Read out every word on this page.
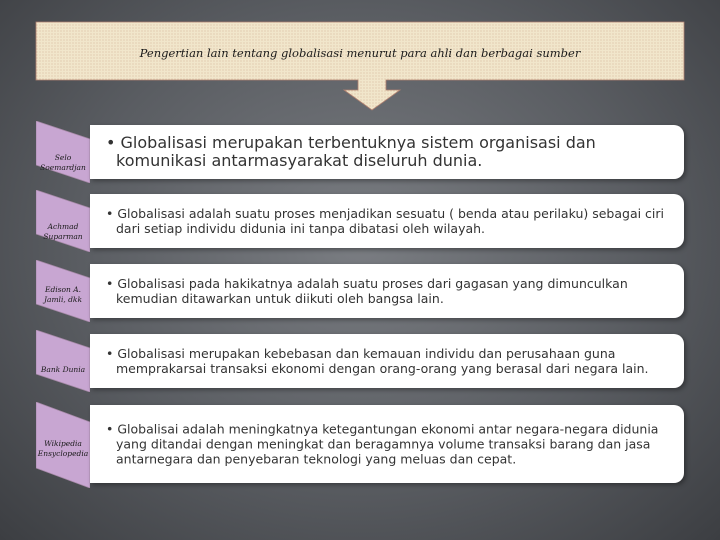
Pengertian lain tentang globalisasi menurut para ahli dan berbagai sumber
Selo Soemardjan
• Globalisasi merupakan terbentuknya sistem organisasi dan komunikasi antarmasyarakat diseluruh dunia.
Achmad Suparman
• Globalisasi adalah suatu proses menjadikan sesuatu ( benda atau perilaku) sebagai ciri dari setiap individu didunia ini tanpa dibatasi oleh wilayah.
Edison A. Jamli, dkk
• Globalisasi pada hakikatnya adalah suatu proses dari gagasan yang dimunculkan kemudian ditawarkan untuk diikuti oleh bangsa lain.
Bank Dunia
• Globalisasi merupakan kebebasan dan kemauan individu dan perusahaan guna memprakarsai transaksi ekonomi dengan orang-orang yang berasal dari negara lain.
Wikipedia Ensyclopedia
• Globalisai adalah meningkatnya ketegantungan ekonomi antar negara-negara didunia yang ditandai dengan meningkat dan beragamnya volume transaksi barang dan jasa antarnegara dan penyebaran teknologi yang meluas dan cepat.
